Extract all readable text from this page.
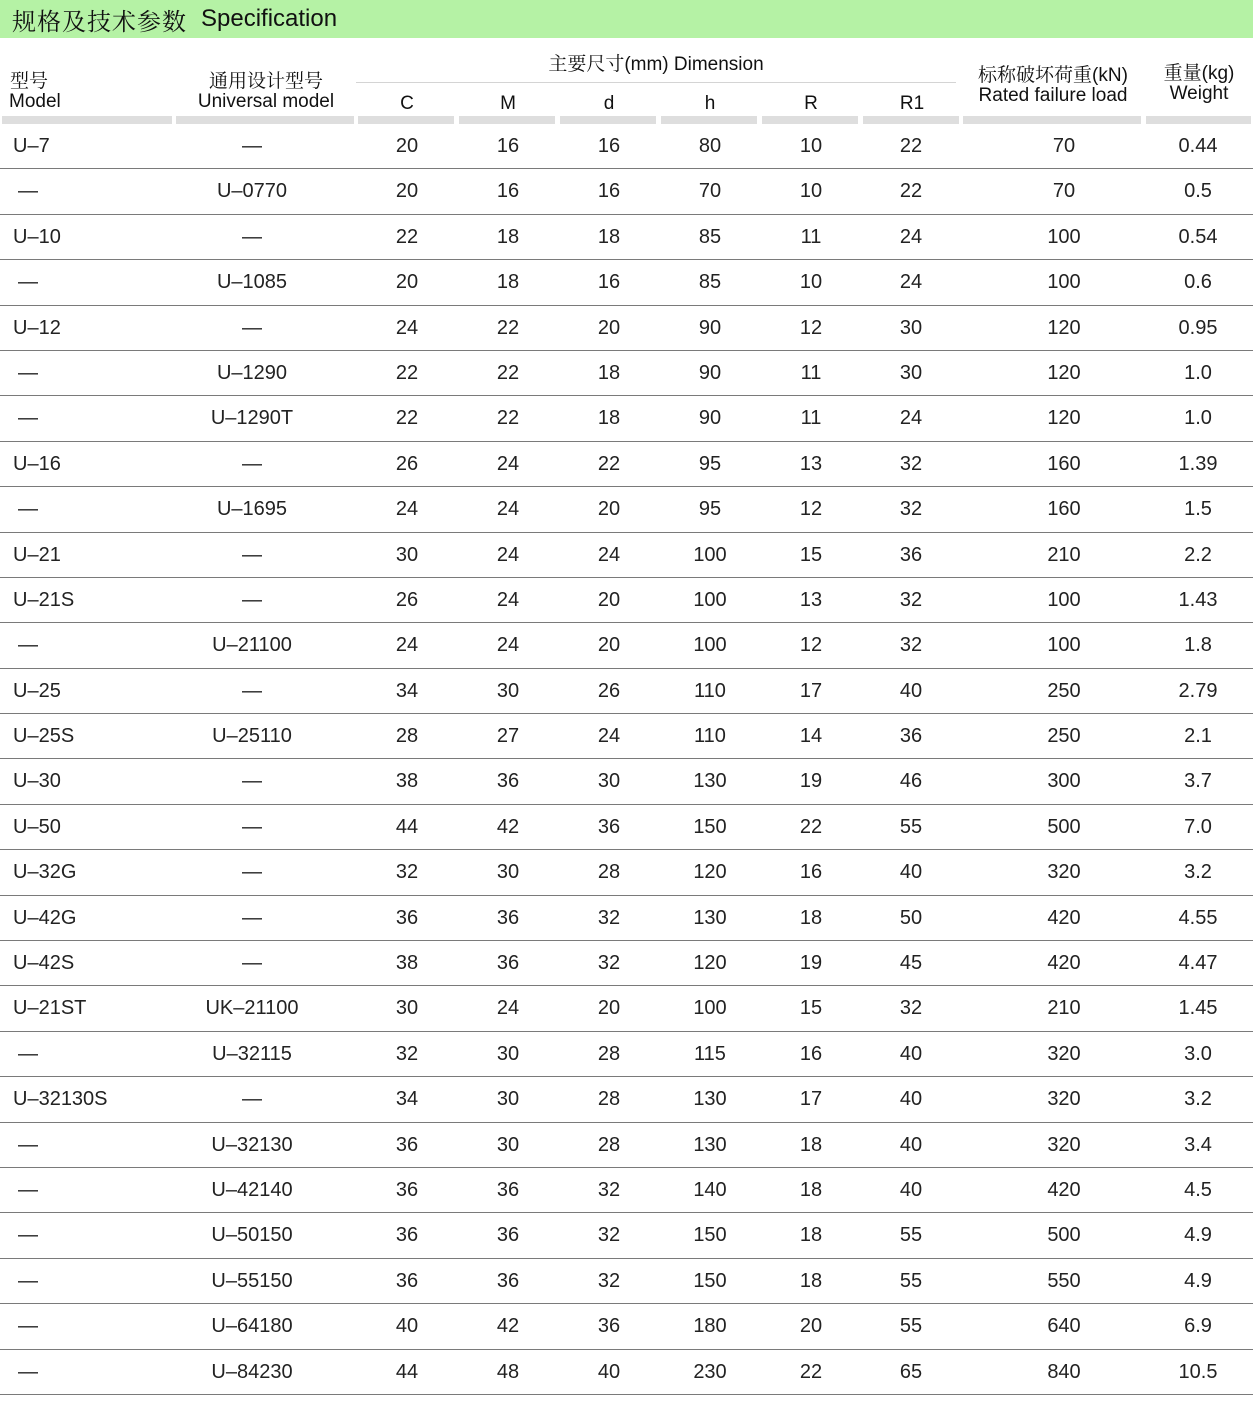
规格及技术参数 Specification
型号
Model
通用设计型号
Universal model
主要尺寸(mm) Dimension
C	M	d	h	R	R1
标称破坏荷重(kN)
Rated failure load
重量(kg)
Weight
U–7	—	20	16	16	80	10	22	70	0.44
—	U–0770	20	16	16	70	10	22	70	0.5
U–10	—	22	18	18	85	11	24	100	0.54
—	U–1085	20	18	16	85	10	24	100	0.6
U–12	—	24	22	20	90	12	30	120	0.95
—	U–1290	22	22	18	90	11	30	120	1.0
—	U–1290T	22	22	18	90	11	24	120	1.0
U–16	—	26	24	22	95	13	32	160	1.39
—	U–1695	24	24	20	95	12	32	160	1.5
U–21	—	30	24	24	100	15	36	210	2.2
U–21S	—	26	24	20	100	13	32	100	1.43
—	U–21100	24	24	20	100	12	32	100	1.8
U–25	—	34	30	26	110	17	40	250	2.79
U–25S	U–25110	28	27	24	110	14	36	250	2.1
U–30	—	38	36	30	130	19	46	300	3.7
U–50	—	44	42	36	150	22	55	500	7.0
U–32G	—	32	30	28	120	16	40	320	3.2
U–42G	—	36	36	32	130	18	50	420	4.55
U–42S	—	38	36	32	120	19	45	420	4.47
U–21ST	UK–21100	30	24	20	100	15	32	210	1.45
—	U–32115	32	30	28	115	16	40	320	3.0
U–32130S	—	34	30	28	130	17	40	320	3.2
—	U–32130	36	30	28	130	18	40	320	3.4
—	U–42140	36	36	32	140	18	40	420	4.5
—	U–50150	36	36	32	150	18	55	500	4.9
—	U–55150	36	36	32	150	18	55	550	4.9
—	U–64180	40	42	36	180	20	55	640	6.9
—	U–84230	44	48	40	230	22	65	840	10.5
